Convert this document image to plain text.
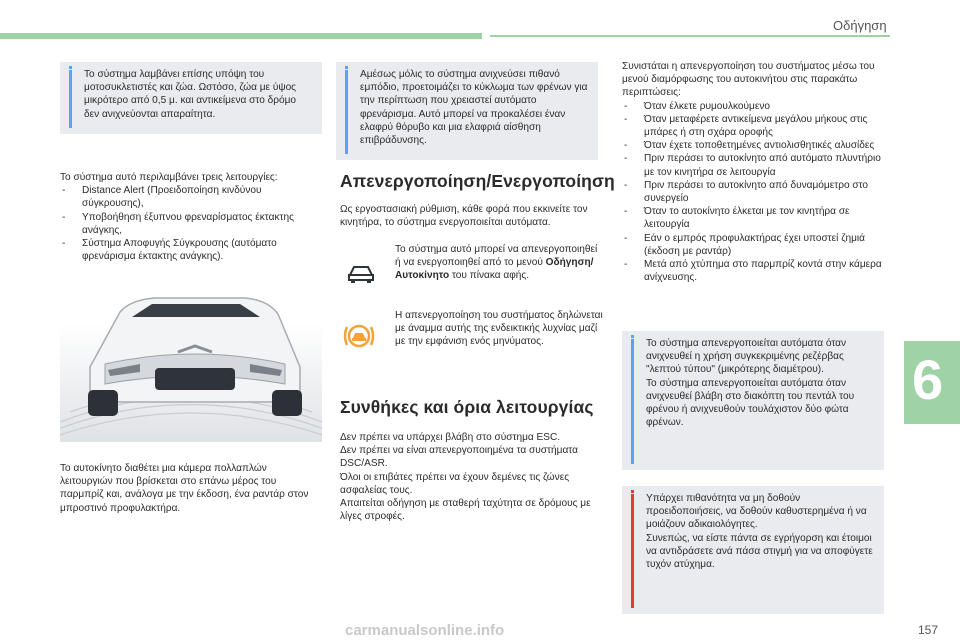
Οδήγηση
Το σύστημα λαμβάνει επίσης υπόψη του μοτοσυκλετιστές και ζώα. Ωστόσο, ζώα με ύψος μικρότερο από 0,5 μ. και αντικείμενα στο δρόμο δεν ανιχνεύονται απαραίτητα.
Το σύστημα αυτό περιλαμβάνει τρεις λειτουργίες:
- Distance Alert (Προειδοποίηση κινδύνου σύγκρουσης),
- Υποβοήθηση έξυπνου φρεναρίσματος έκτακτης ανάγκης,
- Σύστημα Αποφυγής Σύγκρουσης (αυτόματο φρενάρισμα έκτακτης ανάγκης).
Το αυτοκίνητο διαθέτει μια κάμερα πολλαπλών λειτουργιών που βρίσκεται στο επάνω μέρος του παρμπρίζ και, ανάλογα με την έκδοση, ένα ραντάρ στον μπροστινό προφυλακτήρα.
Αμέσως μόλις το σύστημα ανιχνεύσει πιθανό εμπόδιο, προετοιμάζει το κύκλωμα των φρένων για την περίπτωση που χρειαστεί αυτόματο φρενάρισμα. Αυτό μπορεί να προκαλέσει έναν ελαφρύ θόρυβο και μια ελαφριά αίσθηση επιβράδυνσης.
Απενεργοποίηση/Ενεργοποίηση
Ως εργοστασιακή ρύθμιση, κάθε φορά που εκκινείτε τον κινητήρα, το σύστημα ενεργοποιείται αυτόματα.
Το σύστημα αυτό μπορεί να απενεργοποιηθεί ή να ενεργοποιηθεί από το μενού Οδήγηση/Αυτοκίνητο του πίνακα αφής.
Η απενεργοποίηση του συστήματος δηλώνεται με άναμμα αυτής της ενδεικτικής λυχνίας μαζί με την εμφάνιση ενός μηνύματος.
Συνθήκες και όρια λειτουργίας
Δεν πρέπει να υπάρχει βλάβη στο σύστημα ESC.
Δεν πρέπει να είναι απενεργοποιημένα τα συστήματα DSC/ASR.
Όλοι οι επιβάτες πρέπει να έχουν δεμένες τις ζώνες ασφαλείας τους.
Απαιτείται οδήγηση με σταθερή ταχύτητα σε δρόμους με λίγες στροφές.
Συνιστάται η απενεργοποίηση του συστήματος μέσω του μενού διαμόρφωσης του αυτοκινήτου στις παρακάτω περιπτώσεις:
- Όταν έλκετε ρυμουλκούμενο
- Όταν μεταφέρετε αντικείμενα μεγάλου μήκους στις μπάρες ή στη σχάρα οροφής
- Όταν έχετε τοποθετημένες αντιολισθητικές αλυσίδες
- Πριν περάσει το αυτοκίνητο από αυτόματο πλυντήριο με τον κινητήρα σε λειτουργία
- Πριν περάσει το αυτοκίνητο από δυναμόμετρο στο συνεργείο
- Όταν το αυτοκίνητο έλκεται με τον κινητήρα σε λειτουργία
- Εάν ο εμπρός προφυλακτήρας έχει υποστεί ζημιά (έκδοση με ραντάρ)
- Μετά από χτύπημα στο παρμπρίζ κοντά στην κάμερα ανίχνευσης.
Το σύστημα απενεργοποιείται αυτόματα όταν ανιχνευθεί η χρήση συγκεκριμένης ρεζέρβας "λεπτού τύπου" (μικρότερης διαμέτρου).
Το σύστημα απενεργοποιείται αυτόματα όταν ανιχνευθεί βλάβη στο διακόπτη του πεντάλ του φρένου ή ανιχνευθούν τουλάχιστον δύο φώτα φρένων.
Υπάρχει πιθανότητα να μη δοθούν προειδοποιήσεις, να δοθούν καθυστερημένα ή να μοιάζουν αδικαιολόγητες.
Συνεπώς, να είστε πάντα σε εγρήγορση και έτοιμοι να αντιδράσετε ανά πάσα στιγμή για να αποφύγετε τυχόν ατύχημα.
6
157
carmanualsonline.info
